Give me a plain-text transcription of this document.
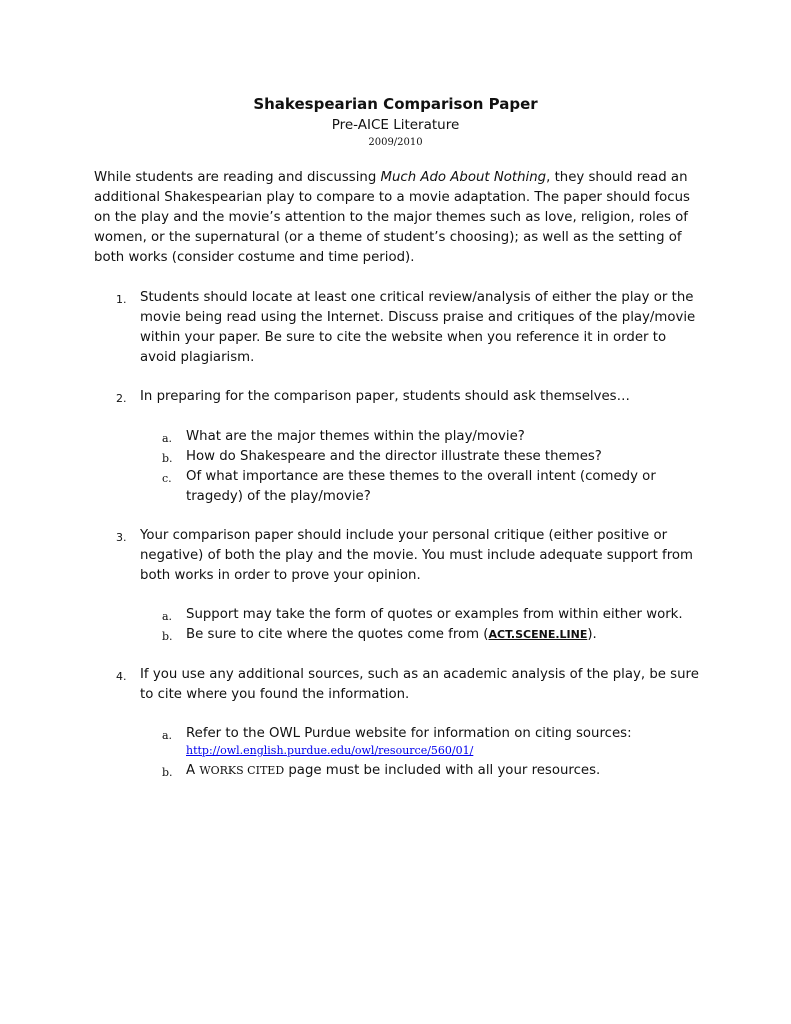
Shakespearian Comparison Paper
Pre-AICE Literature
2009/2010

While students are reading and discussing Much Ado About Nothing, they should read an additional Shakespearian play to compare to a movie adaptation. The paper should focus on the play and the movie’s attention to the major themes such as love, religion, roles of women, or the supernatural (or a theme of student’s choosing); as well as the setting of both works (consider costume and time period).

1. Students should locate at least one critical review/analysis of either the play or the movie being read using the Internet. Discuss praise and critiques of the play/movie within your paper. Be sure to cite the website when you reference it in order to avoid plagiarism.
2. In preparing for the comparison paper, students should ask themselves…
a. What are the major themes within the play/movie?
b. How do Shakespeare and the director illustrate these themes?
c. Of what importance are these themes to the overall intent (comedy or tragedy) of the play/movie?
3. Your comparison paper should include your personal critique (either positive or negative) of both the play and the movie. You must include adequate support from both works in order to prove your opinion.
a. Support may take the form of quotes or examples from within either work.
b. Be sure to cite where the quotes come from (ACT.SCENE.LINE).
4. If you use any additional sources, such as an academic analysis of the play, be sure to cite where you found the information.
a. Refer to the OWL Purdue website for information on citing sources:
http://owl.english.purdue.edu/owl/resource/560/01/
b. A WORKS CITED page must be included with all your resources.
